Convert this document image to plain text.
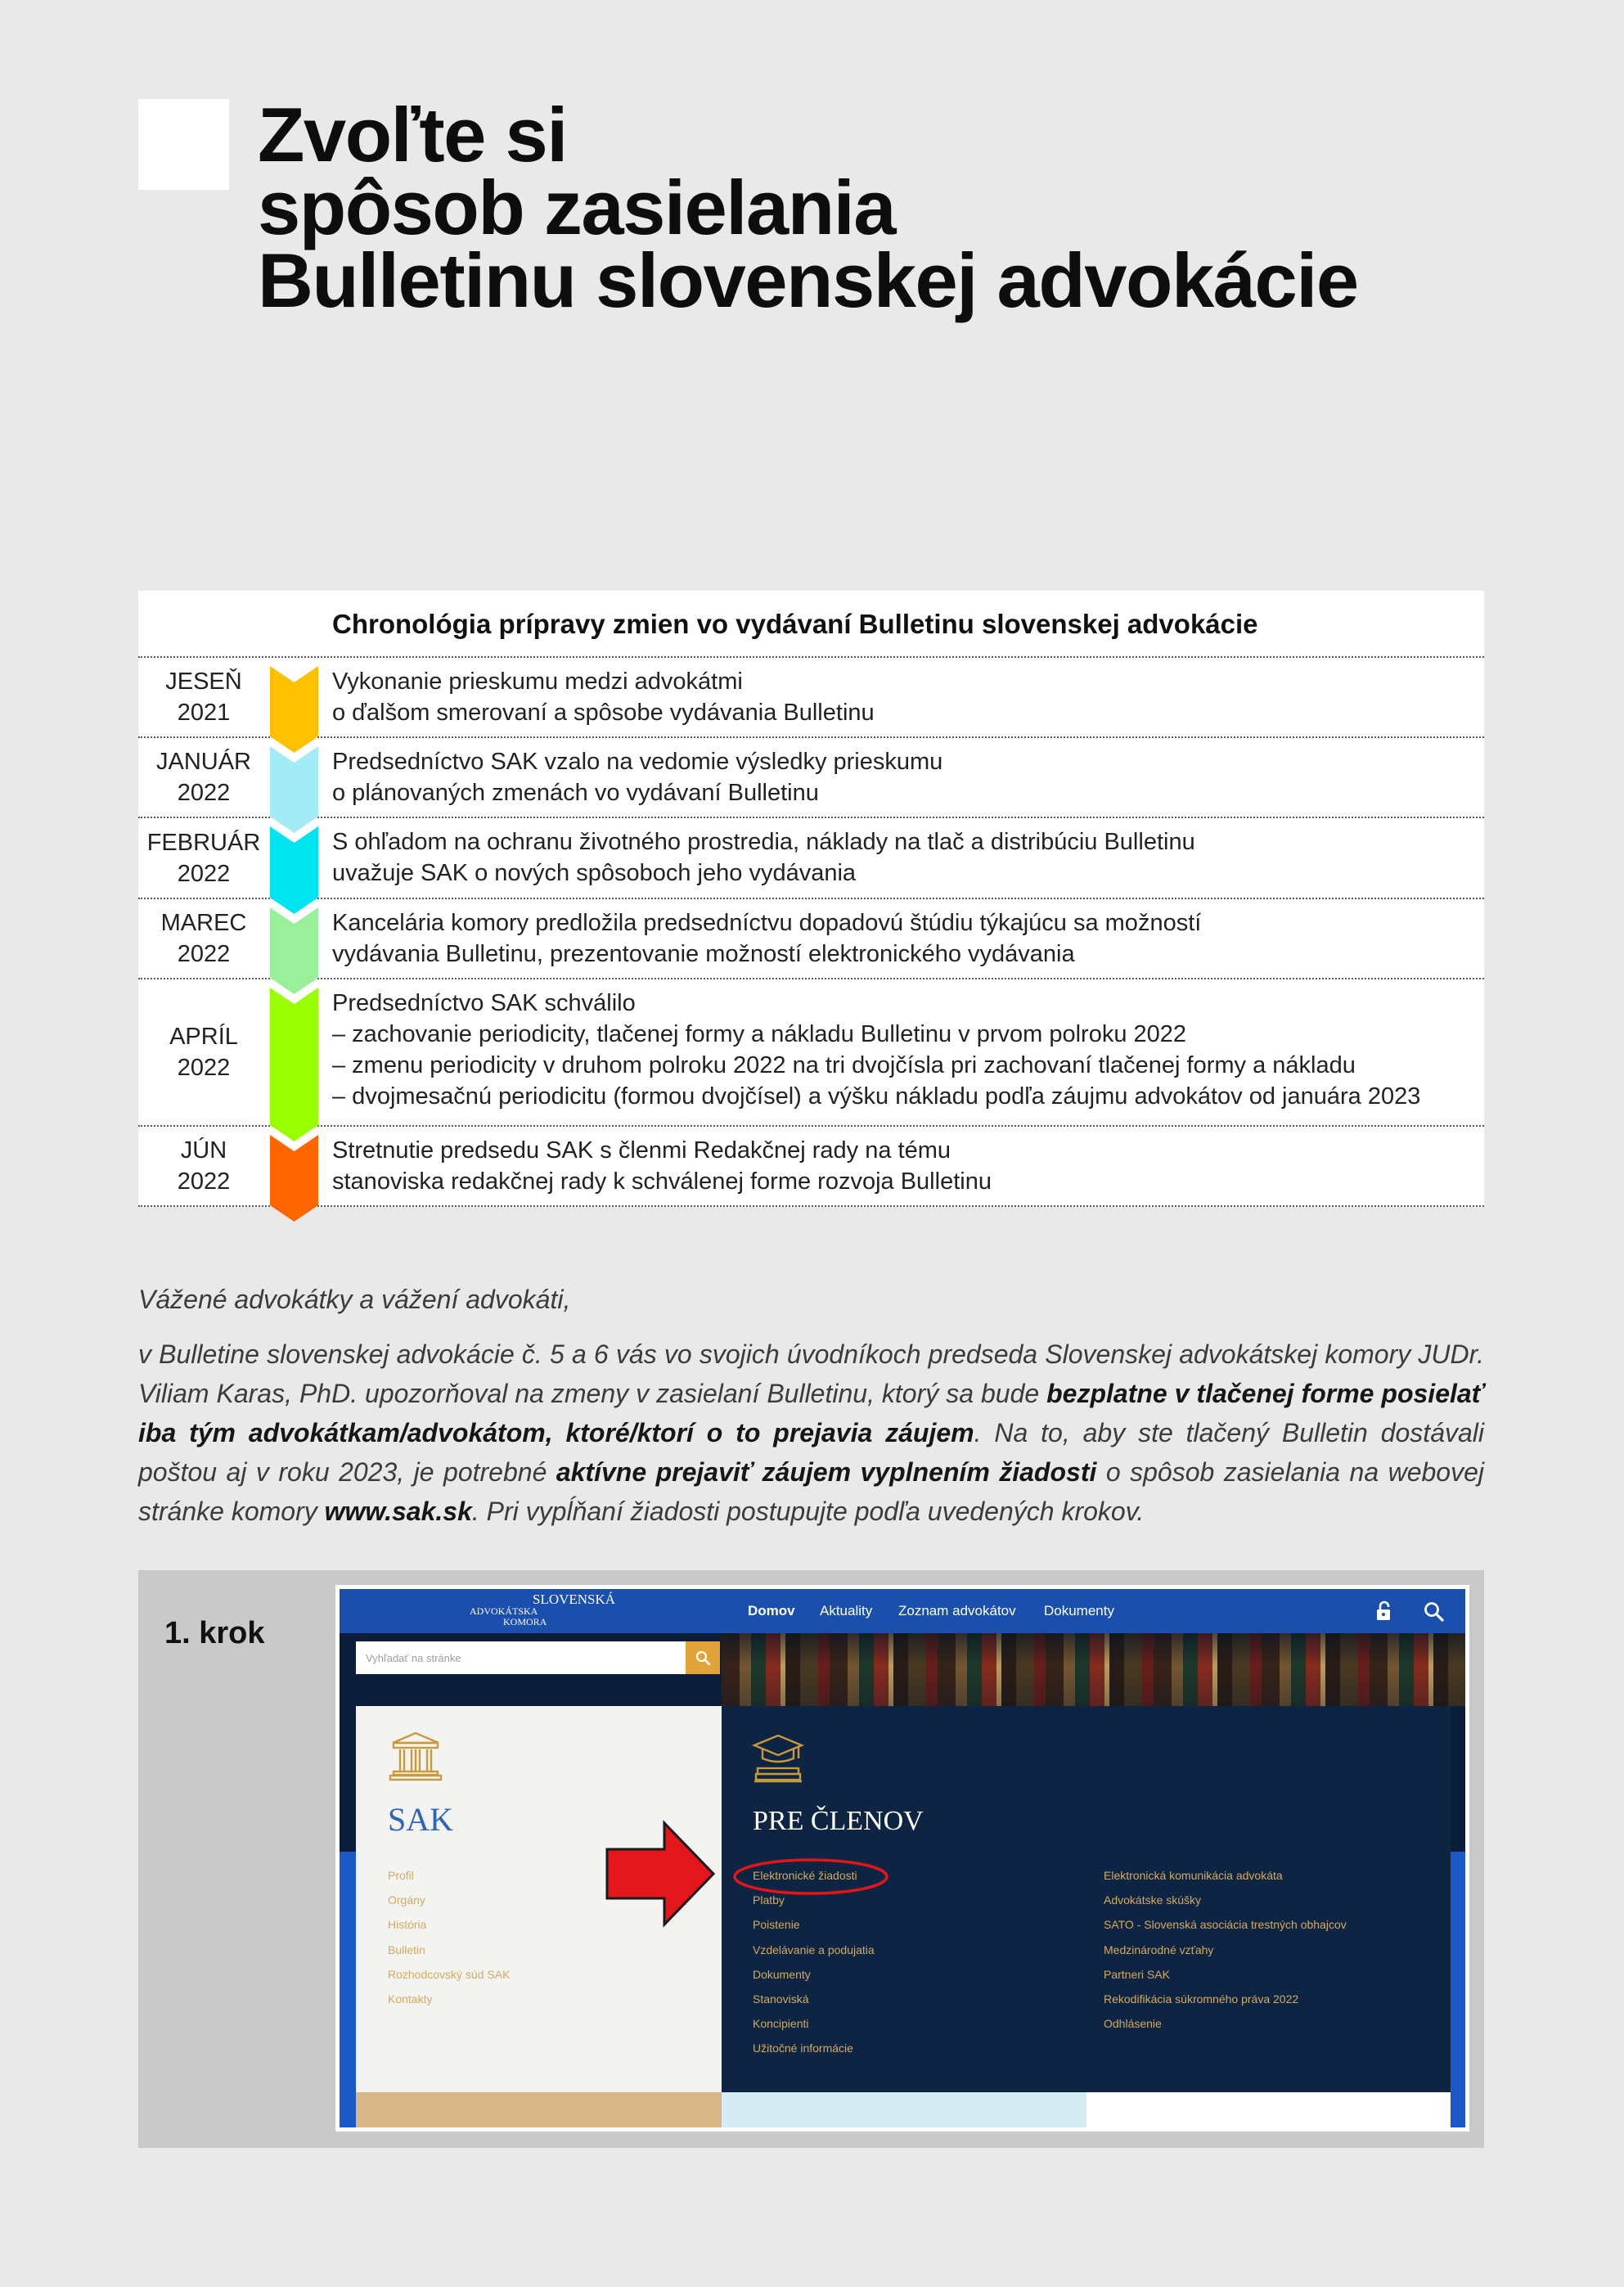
Zvoľte si
spôsob zasielania
Bulletinu slovenskej advokácie
Chronológia prípravy zmien vo vydávaní Bulletinu slovenskej advokácie
JESEŇ
2021
Vykonanie prieskumu medzi advokátmi
o ďalšom smerovaní a spôsobe vydávania Bulletinu
JANUÁR
2022
Predsedníctvo SAK vzalo na vedomie výsledky prieskumu
o plánovaných zmenách vo vydávaní Bulletinu
FEBRUÁR
2022
S ohľadom na ochranu životného prostredia, náklady na tlač a distribúciu Bulletinu
uvažuje SAK o nových spôsoboch jeho vydávania
MAREC
2022
Kancelária komory predložila predsedníctvu dopadovú štúdiu týkajúcu sa možností
vydávania Bulletinu, prezentovanie možností elektronického vydávania
APRÍL
2022
Predsedníctvo SAK schválilo
– zachovanie periodicity, tlačenej formy a nákladu Bulletinu v prvom polroku 2022
– zmenu periodicity v druhom polroku 2022 na tri dvojčísla pri zachovaní tlačenej formy a nákladu
– dvojmesačnú periodicitu (formou dvojčísel) a výšku nákladu podľa záujmu advokátov od januára 2023
JÚN
2022
Stretnutie predsedu SAK s členmi Redakčnej rady na tému
stanoviska redakčnej rady k schválenej forme rozvoja Bulletinu

Vážené advokátky a vážení advokáti,

v Bulletine slovenskej advokácie č. 5 a 6 vás vo svojich úvodníkoch predseda Slovenskej advokátskej komory JUDr. Viliam Karas, PhD. upozorňoval na zmeny v zasielaní Bulletinu, ktorý sa bude bezplatne v tlačenej forme posielať iba tým advokátkam/advokátom, ktoré/ktorí o to prejavia záujem. Na to, aby ste tlačený Bulletin dostávali poštou aj v roku 2023, je potrebné aktívne prejaviť záujem vyplnením žiadosti o spôsob zasielania na webovej stránke komory www.sak.sk. Pri vypĺňaní žiadosti postupujte podľa uvedených krokov.

1. krok
SLOVENSKÁ
ADVOKÁTSKA
KOMORA
Domov Aktuality Zoznam advokátov Dokumenty
Vyhľadať na stránke
SAK
Profil
Orgány
História
Bulletin
Rozhodcovský súd SAK
Kontakty
PRE ČLENOV
Elektronické žiadosti
Platby
Poistenie
Vzdelávanie a podujatia
Dokumenty
Stanoviská
Koncipienti
Užitočné informácie
Elektronická komunikácia advokáta
Advokátske skúšky
SATO - Slovenská asociácia trestných obhajcov
Medzinárodné vzťahy
Partneri SAK
Rekodifikácia súkromného práva 2022
Odhlásenie
